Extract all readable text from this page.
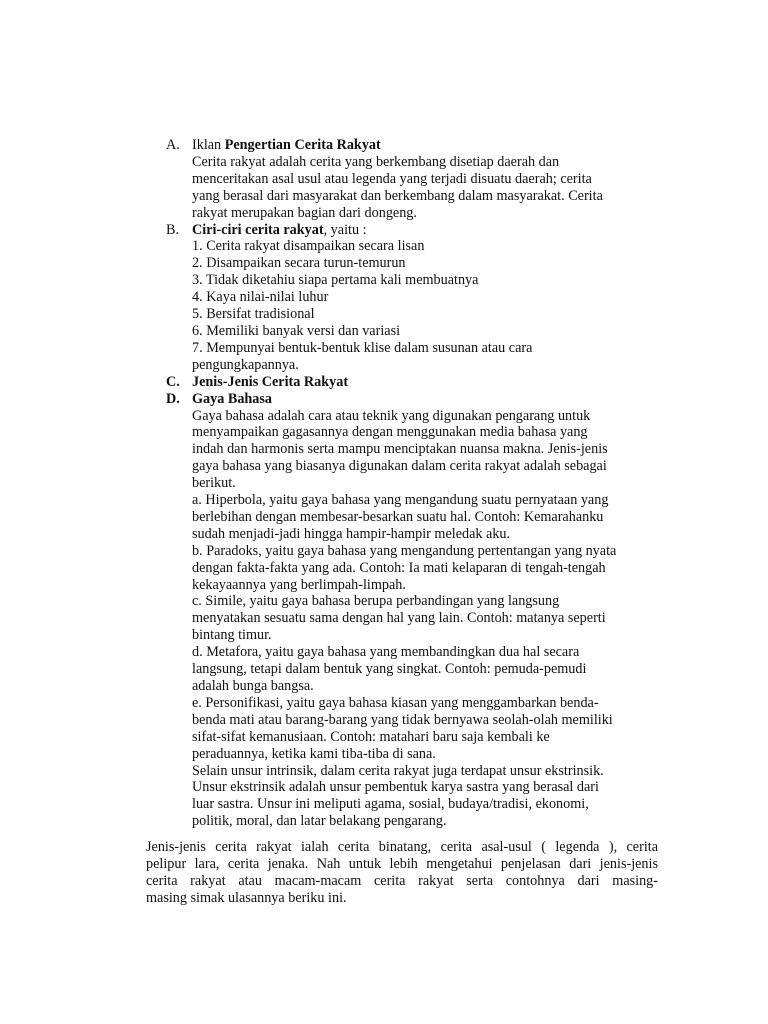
A. Iklan Pengertian Cerita Rakyat
Cerita rakyat adalah cerita yang berkembang disetiap daerah dan
menceritakan asal usul atau legenda yang terjadi disuatu daerah; cerita
yang berasal dari masyarakat dan berkembang dalam masyarakat. Cerita
rakyat merupakan bagian dari dongeng.
B. Ciri-ciri cerita rakyat, yaitu :
1. Cerita rakyat disampaikan secara lisan
2. Disampaikan secara turun-temurun
3. Tidak diketahiu siapa pertama kali membuatnya
4. Kaya nilai-nilai luhur
5. Bersifat tradisional
6. Memiliki banyak versi dan variasi
7. Mempunyai bentuk-bentuk klise dalam susunan atau cara
pengungkapannya.
C. Jenis-Jenis Cerita Rakyat
D. Gaya Bahasa
Gaya bahasa adalah cara atau teknik yang digunakan pengarang untuk
menyampaikan gagasannya dengan menggunakan media bahasa yang
indah dan harmonis serta mampu menciptakan nuansa makna. Jenis-jenis
gaya bahasa yang biasanya digunakan dalam cerita rakyat adalah sebagai
berikut.
a. Hiperbola, yaitu gaya bahasa yang mengandung suatu pernyataan yang
berlebihan dengan membesar-besarkan suatu hal. Contoh: Kemarahanku
sudah menjadi-jadi hingga hampir-hampir meledak aku.
b. Paradoks, yaitu gaya bahasa yang mengandung pertentangan yang nyata
dengan fakta-fakta yang ada. Contoh: Ia mati kelaparan di tengah-tengah
kekayaannya yang berlimpah-limpah.
c. Simile, yaitu gaya bahasa berupa perbandingan yang langsung
menyatakan sesuatu sama dengan hal yang lain. Contoh: matanya seperti
bintang timur.
d. Metafora, yaitu gaya bahasa yang membandingkan dua hal secara
langsung, tetapi dalam bentuk yang singkat. Contoh: pemuda-pemudi
adalah bunga bangsa.
e. Personifikasi, yaitu gaya bahasa kiasan yang menggambarkan benda-
benda mati atau barang-barang yang tidak bernyawa seolah-olah memiliki
sifat-sifat kemanusiaan. Contoh: matahari baru saja kembali ke
peraduannya, ketika kami tiba-tiba di sana.
Selain unsur intrinsik, dalam cerita rakyat juga terdapat unsur ekstrinsik.
Unsur ekstrinsik adalah unsur pembentuk karya sastra yang berasal dari
luar sastra. Unsur ini meliputi agama, sosial, budaya/tradisi, ekonomi,
politik, moral, dan latar belakang pengarang.
Jenis-jenis cerita rakyat ialah cerita binatang, cerita asal-usul ( legenda ), cerita
pelipur lara, cerita jenaka. Nah untuk lebih mengetahui penjelasan dari jenis-jenis
cerita rakyat atau macam-macam cerita rakyat serta contohnya dari masing-
masing simak ulasannya beriku ini.
